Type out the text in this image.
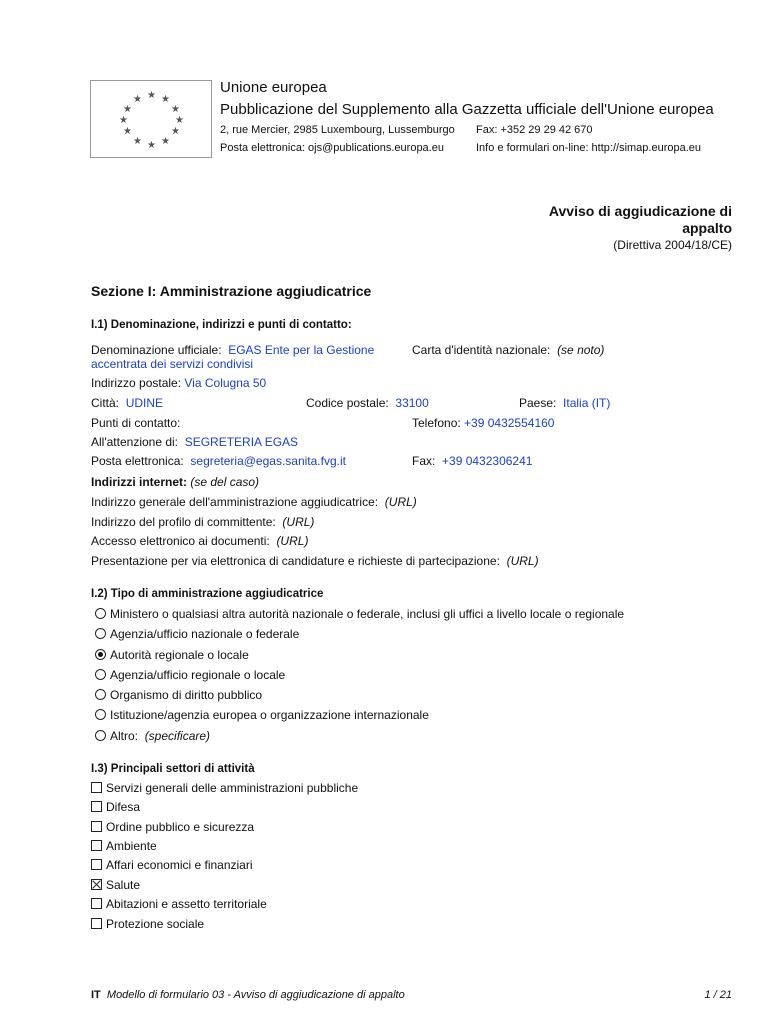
★ ★
★
★
★
★
★
★
★
★
★
★
Unione europea
Pubblicazione del Supplemento alla Gazzetta ufficiale dell'Unione europea
2, rue Mercier, 2985 Luxembourg, Lussemburgo Fax: +352 29 29 42 670
Posta elettronica: ojs@publications.europa.eu	Info e formulari on-line: http://simap.europa.eu
Avviso di aggiudicazione di
appalto
(Direttiva 2004/18/CE)
Sezione I: Amministrazione aggiudicatrice
I.1) Denominazione, indirizzi e punti di contatto:
Denominazione ufficiale: EGAS Ente per la Gestione
accentrata dei servizi condivisi
Carta d'identità nazionale: (se noto)
Indirizzo postale: Via Colugna 50
Città: UDINE	Codice postale: 33100	Paese: Italia (IT)
Punti di contatto:	Telefono: +39 0432554160
All'attenzione di: SEGRETERIA EGAS
Posta elettronica: segreteria@egas.sanita.fvg.it	Fax: +39 0432306241
Indirizzi internet: (se del caso)
Indirizzo generale dell'amministrazione aggiudicatrice: (URL)
Indirizzo del profilo di committente: (URL)
Accesso elettronico ai documenti: (URL)
Presentazione per via elettronica di candidature e richieste di partecipazione: (URL)
I.2) Tipo di amministrazione aggiudicatrice
Ministero o qualsiasi altra autorità nazionale o federale, inclusi gli uffici a livello locale o regionale
Agenzia/ufficio nazionale o federale
Autorità regionale o locale
Agenzia/ufficio regionale o locale
Organismo di diritto pubblico
Istituzione/agenzia europea o organizzazione internazionale
Altro: (specificare)
I.3) Principali settori di attività
Servizi generali delle amministrazioni pubbliche
Difesa
Ordine pubblico e sicurezza
Ambiente
Affari economici e finanziari
Salute
Abitazioni e assetto territoriale
Protezione sociale
IT Modello di formulario 03 - Avviso di aggiudicazione di appalto	1 / 21
